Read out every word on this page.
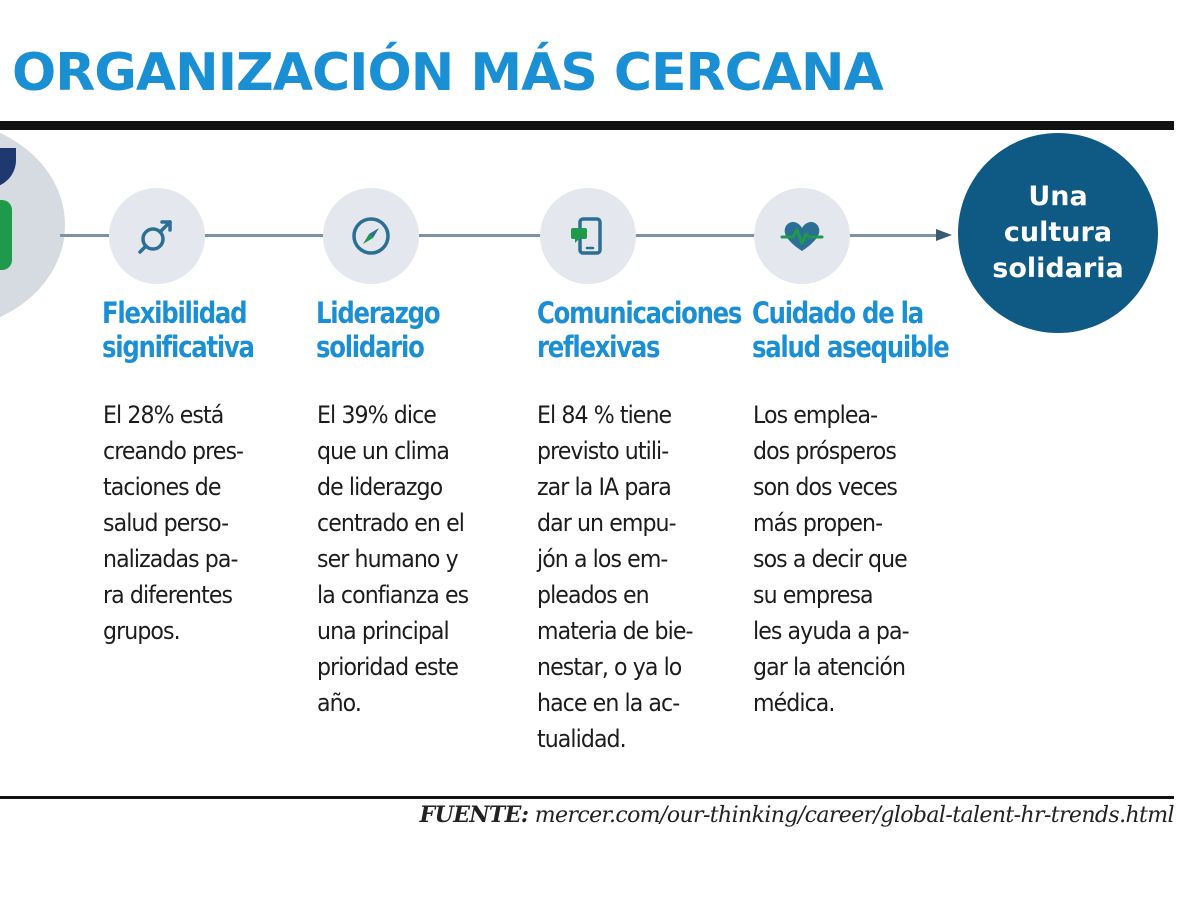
ORGANIZACIÓN MÁS CERCANA
Flexibilidad
significativa

El 28% está
creando pres-
taciones de
salud perso-
nalizadas pa-
ra diferentes
grupos.

Liderazgo
solidario

El 39% dice
que un clima
de liderazgo
centrado en el
ser humano y
la confianza es
una principal
prioridad este
año.

Comunicaciones
reflexivas

El 84 % tiene
previsto utili-
zar la IA para
dar un empu-
jón a los em-
pleados en
materia de bie-
nestar, o ya lo
hace en la ac-
tualidad.

Cuidado de la
salud asequible

Los emplea-
dos prósperos
son dos veces
más propen-
sos a decir que
su empresa
les ayuda a pa-
gar la atención
médica.

Una
cultura
solidaria

FUENTE: mercer.com/our-thinking/career/global-talent-hr-trends.html
